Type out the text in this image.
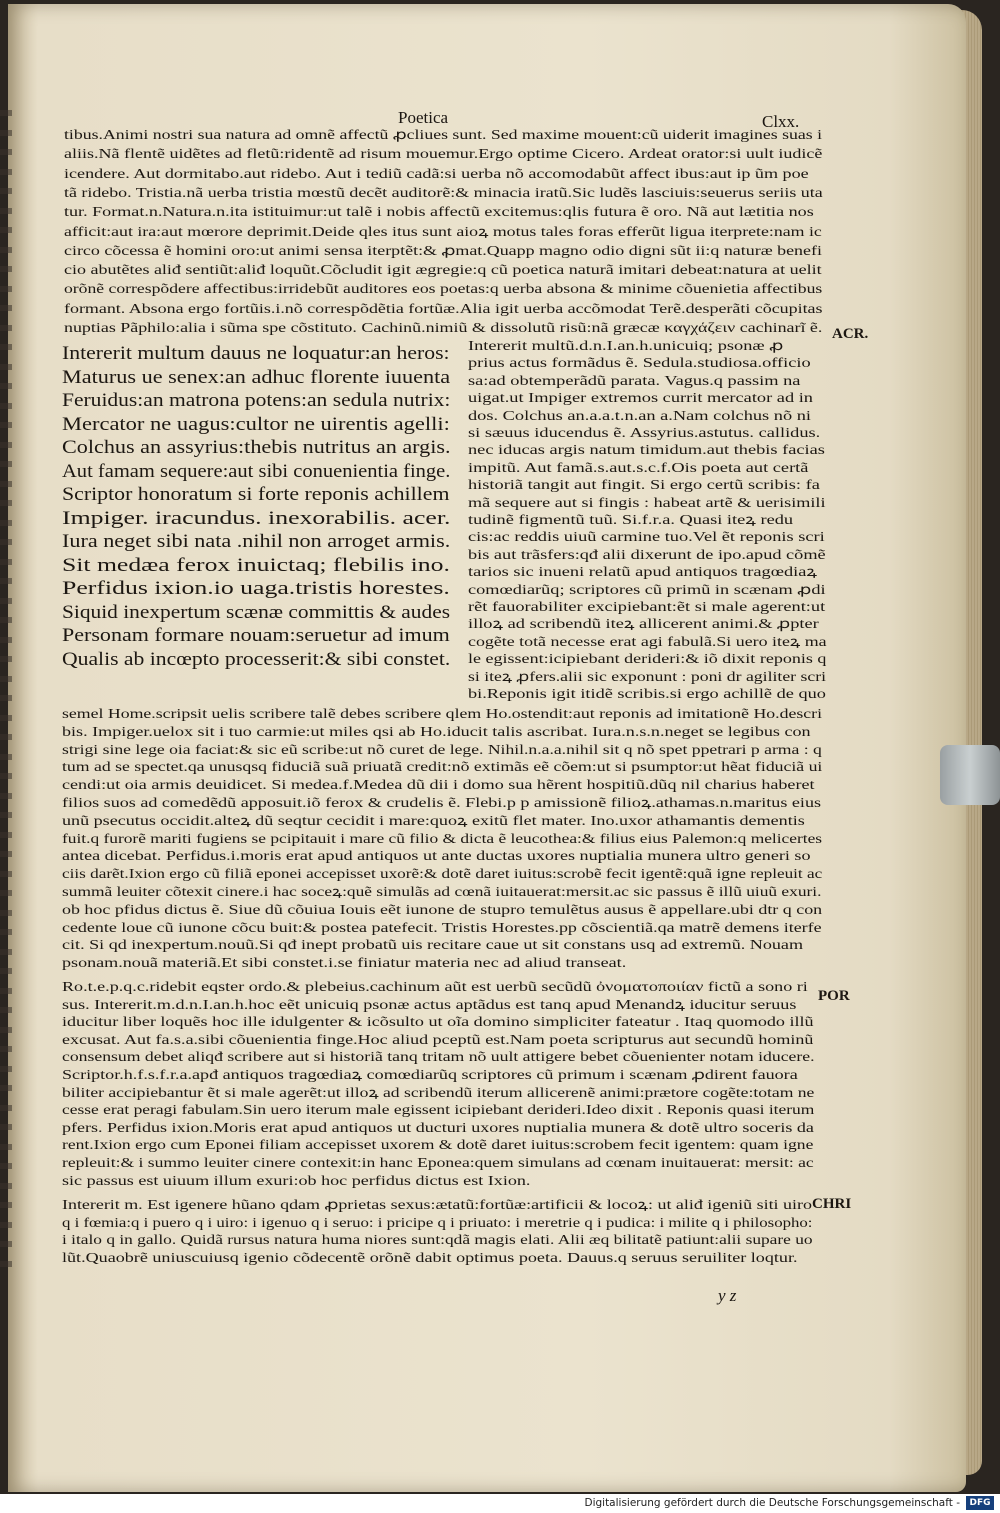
Poetica	Clxx.
tibus.Animi nostri sua natura ad omnẽ affectũ ꝓcliues sunt. Sed maxime mouent:cũ uiderit imagines suas i
aliis.Nã flentẽ uidẽtes ad fletũ:ridentẽ ad risum mouemur.Ergo optime Cicero. Ardeat orator:si uult iudicẽ
icendere. Aut dormitabo.aut ridebo. Aut i tediũ cadã:si uerba nõ accomodabũt affect ibus:aut ip ũm poe
tã ridebo. Tristia.nã uerba tristia mœstũ decẽt auditorẽ:& minacia iratũ.Sic ludẽs lasciuis:seuerus seriis uta
tur. Format.n.Natura.n.ita istituimur:ut talẽ i nobis affectũ excitemus:qlis futura ẽ oro. Nã aut lætitia nos
afficit:aut ira:aut mœrore deprimit.Deide qles itus sunt aioꝝ motus tales foras efferũt ligua iterprete:nam ic
circo cõcessa ẽ homini oro:ut animi sensa iterptẽt:& ꝓmat.Quapp magno odio digni sũt ii:q naturæ benefi
cio abutẽtes aliđ sentiũt:aliđ loquũt.Cõcludit igit ægregie:q cũ poetica naturã imitari debeat:natura at uelit
orõnẽ correspõdere affectibus:irridebũt auditores eos poetas:q uerba absona & minime cõuenietia affectibus
formant. Absona ergo fortũis.i.nõ correspõdẽtia fortũæ.Alia igit uerba accõmodat Terẽ.desperãti cõcupitas
nuptias Pãphilo:alia i sũma spe cõstituto. Cachinũ.nimiũ & dissolutũ risũ:nã græcæ καγχάζειν cachinarĩ ẽ.
Intererit multum dauus ne loquatur:an heros:
Maturus ue senex:an adhuc florente iuuenta
Feruidus:an matrona potens:an sedula nutrix:
Mercator ne uagus:cultor ne uirentis agelli:
Colchus an assyrius:thebis nutritus an argis.
Aut famam sequere:aut sibi conuenientia finge.
Scriptor honoratum si forte reponis achillem
Impiger. iracundus. inexorabilis. acer.
Iura neget sibi nata .nihil non arroget armis.
Sit medæa ferox inuictaq; flebilis ino.
Perfidus ixion.io uaga.tristis horestes.
Siquid inexpertum scænæ committis & audes
Personam formare nouam:seruetur ad imum
Qualis ab incœpto processerit:& sibi constet.
Intererit multũ.d.n.I.an.h.unicuiq; psonæ ꝓ
prius actus formãdus ẽ. Sedula.studiosa.officio
sa:ad obtemperãdũ parata. Vagus.q passim na
uigat.ut Impiger extremos currit mercator ad in
dos. Colchus an.a.a.t.n.an a.Nam colchus nõ ni
si sæuus iducendus ẽ. Assyrius.astutus. callidus.
nec iducas argis natum timidum.aut thebis facias
impitũ. Aut famã.s.aut.s.c.f.Ois poeta aut certã
historiã tangit aut fingit. Si ergo certũ scribis: fa
mã sequere aut si fingis : habeat artẽ & uerisimili
tudinẽ figmentũ tuũ. Si.f.r.a. Quasi iteꝝ redu
cis:ac reddis uiuũ carmine tuo.Vel ẽt reponis scri
bis aut trãsfers:qđ alii dixerunt de ipo.apud cõmẽ
tarios sic inueni relatũ apud antiquos tragœdiaꝝ
comœdiarũq; scriptores cũ primũ in scænam ꝓdi
rẽt fauorabiliter excipiebant:ẽt si male agerent:ut
illoꝝ ad scribendũ iteꝝ allicerent animi.& ꝓpter
cogẽte totã necesse erat agi fabulã.Si uero iteꝝ ma
le egissent:icipiebant derideri:& iõ dixit reponis q
si iteꝝ ꝓfers.alii sic exponunt : poni dr agiliter scri
bi.Reponis igit itidẽ scribis.si ergo achillẽ de quo
semel Home.scripsit uelis scribere talẽ debes scribere qlem Ho.ostendit:aut reponis ad imitationẽ Ho.descri
bis. Impiger.uelox sit i tuo carmie:ut miles qsi ab Ho.iducit talis ascribat. Iura.n.s.n.neget se legibus con
strigi sine lege oia faciat:& sic eũ scribe:ut nõ curet de lege. Nihil.n.a.a.nihil sit q nõ spet ppetrari p arma : q
tum ad se spectet.qa unusqsq fiduciã suã priuatã credit:nõ extimãs eẽ cõem:ut si psumptor:ut hẽat fiduciã ui
cendi:ut oia armis deuidicet. Si medea.f.Medea dũ dii i domo sua hẽrent hospitiũ.dũq nil charius haberet
filios suos ad comedẽdũ apposuit.iõ ferox & crudelis ẽ. Flebi.p p amissionẽ filioꝝ.athamas.n.maritus eius
unũ psecutus occidit.alteꝝ dũ seqtur cecidit i mare:quoꝝ exitũ flet mater. Ino.uxor athamantis dementis
fuit.q furorẽ mariti fugiens se pcipitauit i mare cũ filio & dicta ẽ leucothea:& filius eius Palemon:q melicertes
antea dicebat. Perfidus.i.moris erat apud antiquos ut ante ductas uxores nuptialia munera ultro generi so
ciis darẽt.Ixion ergo cũ filiã eponei accepisset uxorẽ:& dotẽ daret iuitus:scrobẽ fecit igentẽ:quã igne repleuit ac
summã leuiter cõtexit cinere.i hac soceꝝ:quẽ simulãs ad cœnã iuitauerat:mersit.ac sic passus ẽ illũ uiuũ exuri.
ob hoc pfidus dictus ẽ. Siue dũ cõuiua Iouis eẽt iunone de stupro temulẽtus ausus ẽ appellare.ubi dtr q con
cedente loue cũ iunone cõcu buit:& postea patefecit. Tristis Horestes.pp cõscientiã.qa matrẽ demens iterfe
cit. Si qd inexpertum.nouũ.Si qđ inept probatũ uis recitare caue ut sit constans usq ad extremũ. Nouam
psonam.nouã materiã.Et sibi constet.i.se finiatur materia nec ad aliud transeat.
Ro.t.e.p.q.c.ridebit eqster ordo.& plebeius.cachinum aũt est uerbũ secũdũ ὀνοματοποιίαν fictũ a sono ri
sus. Intererit.m.d.n.I.an.h.hoc eẽt unicuiq psonæ actus aptãdus est tanq apud Menandꝝ iducitur seruus
iducitur liber loquẽs hoc ille idulgenter & icõsulto ut oĩa domino simpliciter fateatur . Itaq quomodo illũ
excusat. Aut fa.s.a.sibi cõuenientia finge.Hoc aliud pceptũ est.Nam poeta scripturus aut secundũ hominũ
consensum debet aliqđ scribere aut si historiã tanq tritam nõ uult attigere bebet cõuenienter notam iducere.
Scriptor.h.f.s.f.r.a.apđ antiquos tragœdiaꝝ comœdiarũq scriptores cũ primum i scænam ꝓdirent fauora
biliter accipiebantur ẽt si male agerẽt:ut illoꝝ ad scribendũ iterum allicerenẽ animi:prætore cogẽte:totam ne
cesse erat peragi fabulam.Sin uero iterum male egissent icipiebant derideri.Ideo dixit . Reponis quasi iterum
pfers. Perfidus ixion.Moris erat apud antiquos ut ducturi uxores nuptialia munera & dotẽ ultro soceris da
rent.Ixion ergo cum Eponei filiam accepisset uxorem & dotẽ daret iuitus:scrobem fecit igentem: quam igne
repleuit:& i summo leuiter cinere contexit:in hanc Eponea:quem simulans ad cœnam inuitauerat: mersit: ac
sic passus est uiuum illum exuri:ob hoc perfidus dictus est Ixion.
Intererit m. Est igenere hũano qdam ꝓprietas sexus:ætatũ:fortũæ:artificii & locoꝝ: ut aliđ igeniũ siti uiro
q i fœmia:q i puero q i uiro: i igenuo q i seruo: i pricipe q i priuato: i meretrie q i pudica: i milite q i philosopho:
i italo q in gallo. Quidã rursus natura huma niores sunt:qdã magis elati. Alii æq bilitatẽ patiunt:alii supare uo
lũt.Quaobrẽ uniuscuiusq igenio cõdecentẽ orõnẽ dabit optimus poeta. Dauus.q seruus seruiliter loqtur.
ACR.
POR
CHRI
y z
Digitalisierung gefördert durch die Deutsche Forschungsgemeinschaft -	DFG
